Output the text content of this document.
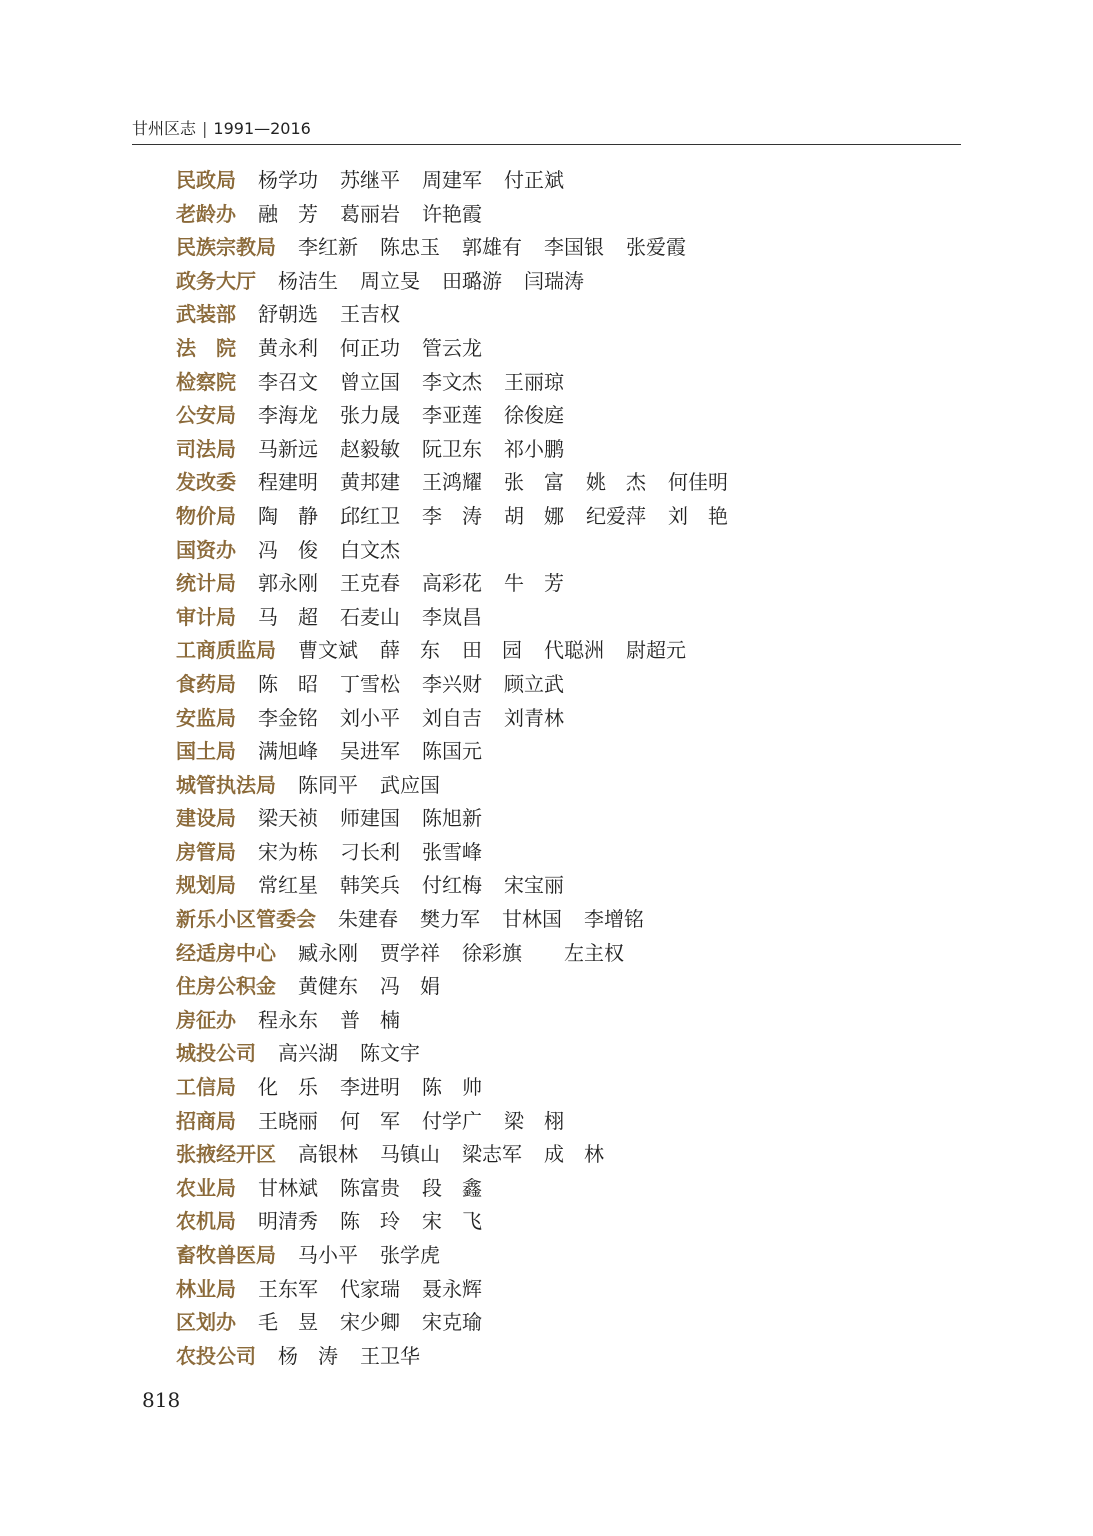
甘州区志 | 1991—2016
民政局 杨学功 苏继平 周建军 付正斌
老龄办 融　芳 葛丽岩 许艳霞
民族宗教局 李红新 陈忠玉 郭雄有 李国银 张爱霞
政务大厅 杨洁生 周立旻 田璐游 闫瑞涛
武装部 舒朝选 王吉权
法　院 黄永利 何正功 管云龙
检察院 李召文 曾立国 李文杰 王丽琼
公安局 李海龙 张力晟 李亚莲 徐俊庭
司法局 马新远 赵毅敏 阮卫东 祁小鹏
发改委 程建明 黄邦建 王鸿耀 张　富 姚　杰 何佳明
物价局 陶　静 邱红卫 李　涛 胡　娜 纪爱萍 刘　艳
国资办 冯　俊 白文杰
统计局 郭永刚 王克春 高彩花 牛　芳
审计局 马　超 石麦山 李岚昌
工商质监局 曹文斌 薛　东 田　园 代聪洲 尉超元
食药局 陈　昭 丁雪松 李兴财 顾立武
安监局 李金铭 刘小平 刘自吉 刘青林
国土局 满旭峰 吴进军 陈国元
城管执法局 陈同平 武应国
建设局 梁天祯 师建国 陈旭新
房管局 宋为栋 刁长利 张雪峰
规划局 常红星 韩笑兵 付红梅 宋宝丽
新乐小区管委会 朱建春 樊力军 甘林国 李增铭
经适房中心 臧永刚 贾学祥 徐彩旗　左主权
住房公积金 黄健东 冯　娟
房征办 程永东 普　楠
城投公司 高兴湖 陈文宇
工信局 化　乐 李进明 陈　帅
招商局 王晓丽 何　军 付学广 梁　栩
张掖经开区 高银林 马镇山 梁志军 成　林
农业局 甘林斌 陈富贵 段　鑫
农机局 明清秀 陈　玲 宋　飞
畜牧兽医局 马小平 张学虎
林业局 王东军 代家瑞 聂永辉
区划办 毛　昱 宋少卿 宋克瑜
农投公司 杨　涛 王卫华
818
